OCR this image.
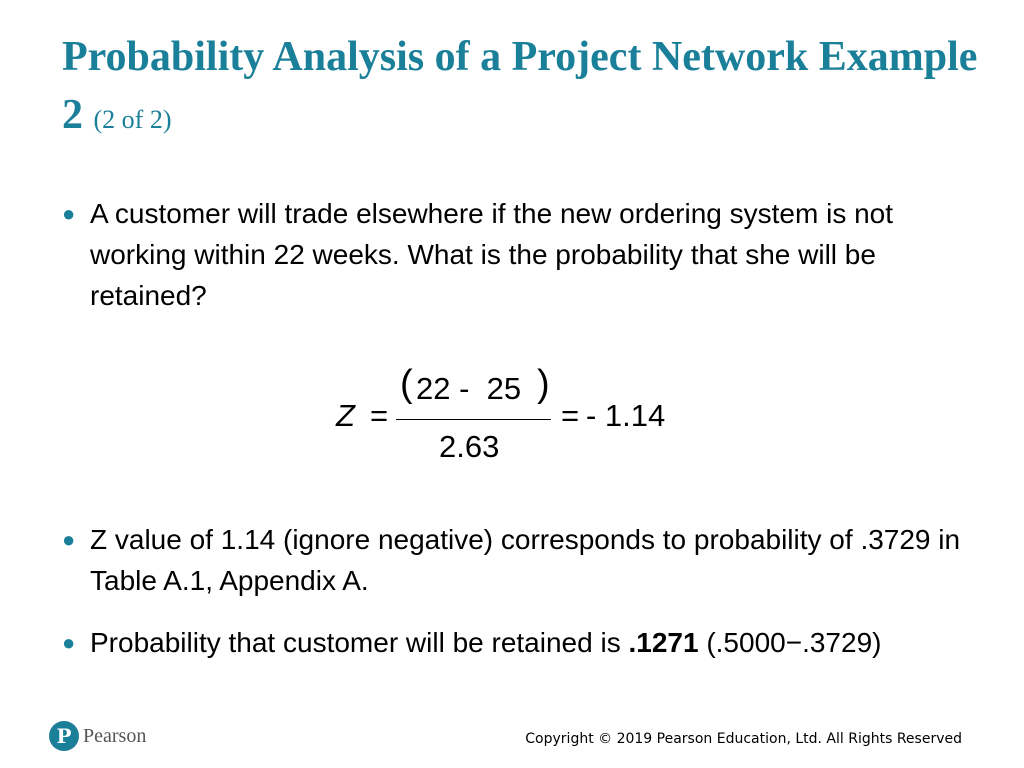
Probability Analysis of a Project Network Example 2 (2 of 2)
● A customer will trade elsewhere if the new ordering system is not working within 22 weeks. What is the probability that she will be retained?
Z =
( 22 -  25 )
2.63
= - 1.14
● Z value of 1.14 (ignore negative) corresponds to probability of .3729 in Table A.1, Appendix A.
● Probability that customer will be retained is .1271 (.5000−.3729)
P Pearson	Copyright © 2019 Pearson Education, Ltd. All Rights Reserved
